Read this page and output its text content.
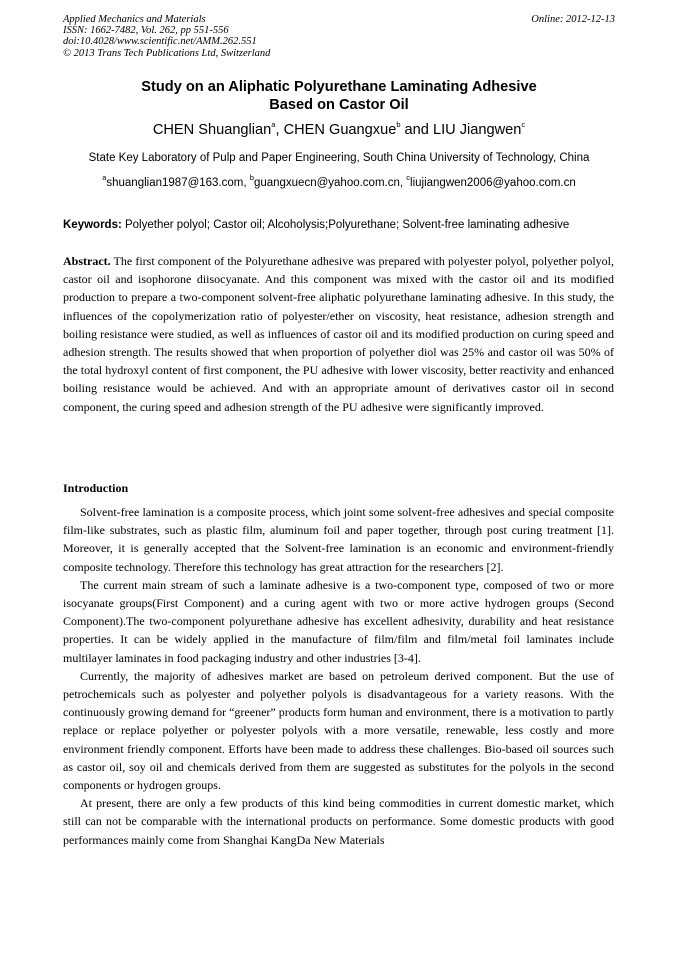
Applied Mechanics and Materials
ISSN: 1662-7482, Vol. 262, pp 551-556
doi:10.4028/www.scientific.net/AMM.262.551
© 2013 Trans Tech Publications Ltd, Switzerland
Online: 2012-12-13
Study on an Aliphatic Polyurethane Laminating Adhesive
Based on Castor Oil
CHEN Shuanglian$^a$, CHEN Guangxue$^b$ and LIU Jiangwen$^c$
State Key Laboratory of Pulp and Paper Engineering, South China University of Technology, China
$^a$shuanglian1987@163.com, $^b$guangxuecn@yahoo.com.cn, $^c$liujiangwen2006@yahoo.com.cn
Keywords: Polyether polyol; Castor oil; Alcoholysis;Polyurethane; Solvent-free laminating adhesive
Abstract. The first component of the Polyurethane adhesive was prepared with polyester polyol, polyether polyol, castor oil and isophorone diisocyanate. And this component was mixed with the castor oil and its modified production to prepare a two-component solvent-free aliphatic polyurethane laminating adhesive. In this study, the influences of the copolymerization ratio of polyester/ether on viscosity, heat resistance, adhesion strength and boiling resistance were studied, as well as influences of castor oil and its modified production on curing speed and adhesion strength. The results showed that when proportion of polyether diol was 25% and castor oil was 50% of the total hydroxyl content of first component, the PU adhesive with lower viscosity, better reactivity and enhanced boiling resistance would be achieved. And with an appropriate amount of derivatives castor oil in second component, the curing speed and adhesion strength of the PU adhesive were significantly improved.
Introduction

Solvent-free lamination is a composite process, which joint some solvent-free adhesives and special composite film-like substrates, such as plastic film, aluminum foil and paper together, through post curing treatment [1]. Moreover, it is generally accepted that the Solvent-free lamination is an economic and environment-friendly composite technology. Therefore this technology has great attraction for the researchers [2].

The current main stream of such a laminate adhesive is a two-component type, composed of two or more isocyanate groups(First Component) and a curing agent with two or more active hydrogen groups (Second Component).The two-component polyurethane adhesive has excellent adhesivity, durability and heat resistance properties. It can be widely applied in the manufacture of film/film and film/metal foil laminates include multilayer laminates in food packaging industry and other industries [3-4].

Currently, the majority of adhesives market are based on petroleum derived component. But the use of petrochemicals such as polyester and polyether polyols is disadvantageous for a variety reasons. With the continuously growing demand for “greener” products form human and environment, there is a motivation to partly replace or replace polyether or polyester polyols with a more versatile, renewable, less costly and more environment friendly component. Efforts have been made to address these challenges. Bio-based oil sources such as castor oil, soy oil and chemicals derived from them are suggested as substitutes for the polyols in the second components or hydrogen groups.

At present, there are only a few products of this kind being commodities in current domestic market, which still can not be comparable with the international products on performance. Some domestic products with good performances mainly come from Shanghai KangDa New Materials
